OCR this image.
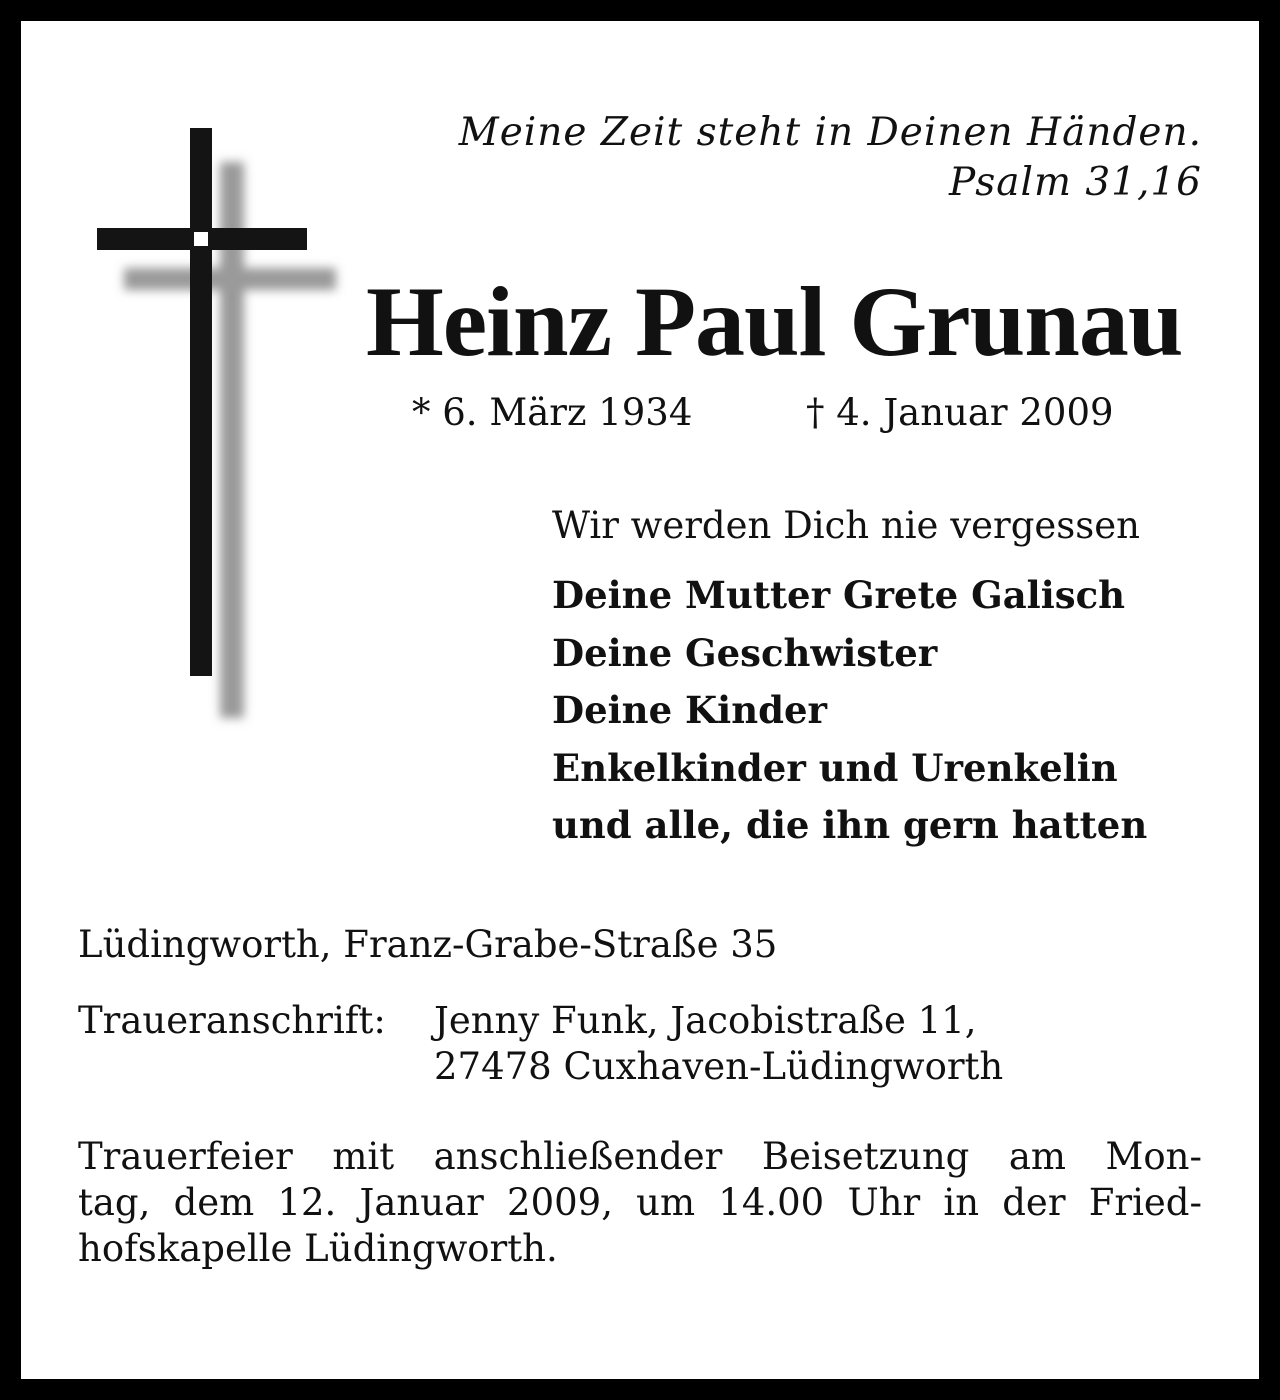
Meine Zeit steht in Deinen Händen.
Psalm 31,16
Heinz Paul Grunau
* 6. März 1934	† 4. Januar 2009
Wir werden Dich nie vergessen
Deine Mutter Grete Galisch
Deine Geschwister
Deine Kinder
Enkelkinder und Urenkelin
und alle, die ihn gern hatten
Lüdingworth, Franz-Grabe-Straße 35
Traueranschrift: Jenny Funk, Jacobistraße 11,
27478 Cuxhaven-Lüdingworth
Trauerfeier mit anschließender Beisetzung am Mon-
tag, dem 12. Januar 2009, um 14.00 Uhr in der Fried-
hofskapelle Lüdingworth.
